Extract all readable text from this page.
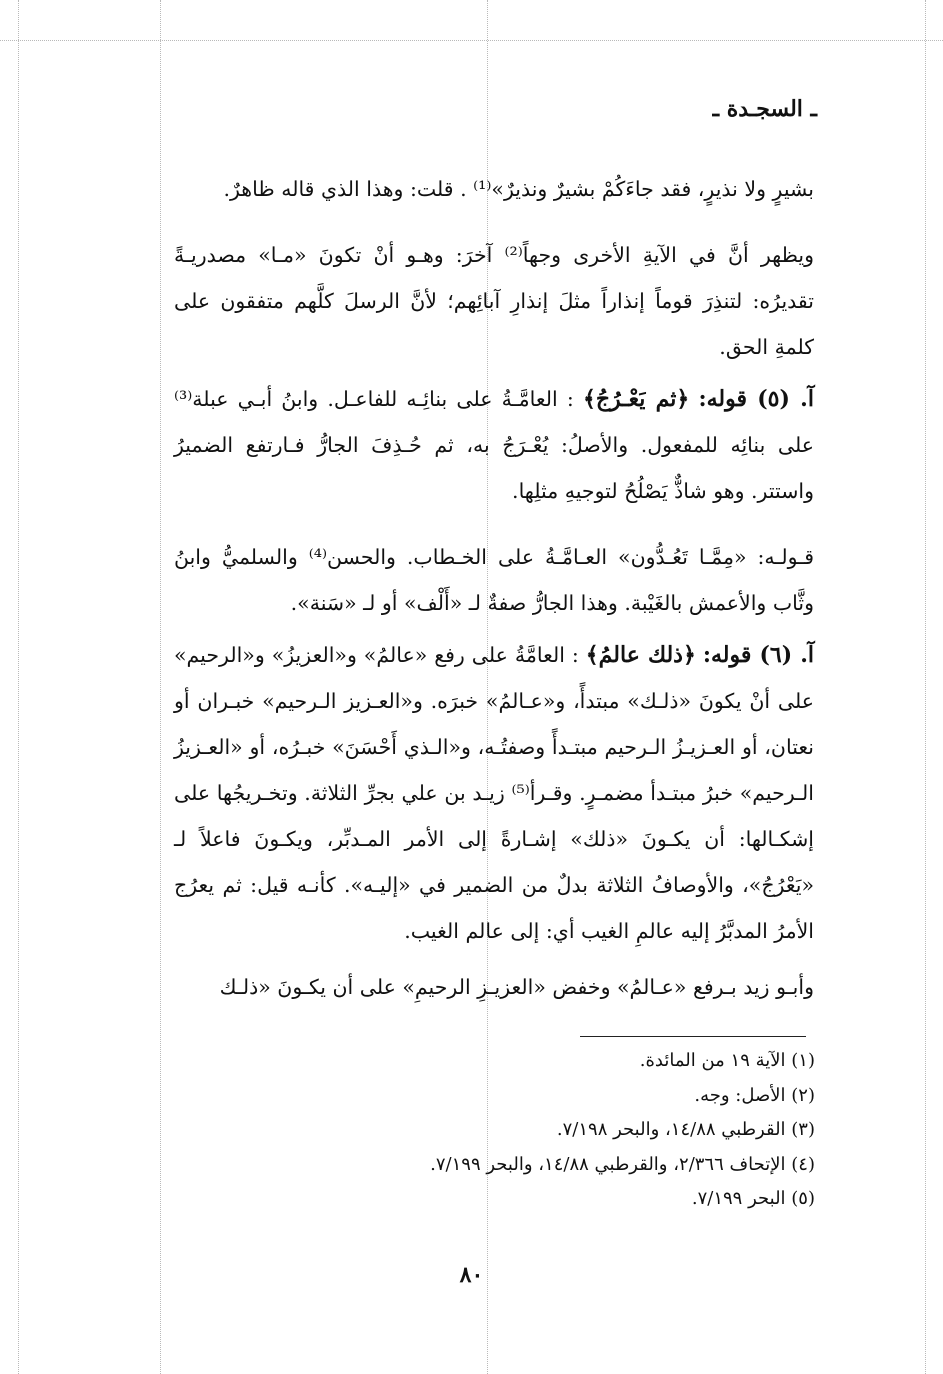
ـ السجـدة ـ

بشيرٍ ولا نذيرٍ، فقد جاءَكُمْ بشيرٌ ونذيرٌ»⁽¹⁾ . قلت: وهذا الذي قاله ظاهرٌ.

ويظهر أنَّ في الآيةِ الأخرى وجهاً⁽²⁾ آخرَ: وهـو أنْ تكونَ «مـا» مصدريـةً تقديرُه: لتنذِرَ قوماً إنذاراً مثلَ إنذارِ آبائِهم؛ لأنَّ الرسلَ كلَّهم متفقون على كلمةِ الحق.

آ. (٥) قوله: ﴿ثم يَعْـرُجُ﴾ : العامَّـةُ على بنائِـه للفاعـل. وابنُ أبـي عبلة⁽³⁾ على بنائِه للمفعول. والأصلُ: يُعْـرَجُ به، ثم حُـذِفَ الجارُّ فـارتفع الضميرُ واستتر. وهو شاذٌّ يَصْلُحُ لتوجيهِ مثلِها.

قـولـه: «مِمَّـا تَعُـدُّون» العـامَّـةُ على الخـطاب. والحسن⁽⁴⁾ والسلميُّ وابنُ وثَّاب والأعمش بالغَيْبة. وهذا الجارُّ صفةٌ لـ «أَلْف» أو لـ «سَنة».

آ. (٦) قوله: ﴿ذلك عالمُ﴾ : العامَّةُ على رفع «عالمُ» و«العزيزُ» و«الرحيم» على أنْ يكونَ «ذلـك» مبتدأً، و«عـالمُ» خبرَه. و«العـزيز الـرحيم» خبـران أو نعتان، أو العـزيـزُ الـرحيم مبتـدأً وصفتُـه، و«الـذي أَحْسَنَ» خبـرُه، أو «العـزيزُ الـرحيم» خبرُ مبتـدأ مضمـرٍ. وقـرأ⁽⁵⁾ زيـد بن علي بجرِّ الثلاثة. وتخـريجُها على إشكـالها: أن يكـونَ «ذلك» إشـارةً إلى الأمر المـدبِّر، ويكـونَ فاعلاً لـ «يَعْرُجُ»، والأوصافُ الثلاثة بدلٌ من الضمير في «إليـه». كأنـه قيل: ثم يعرُج الأمرُ المدبَّرُ إليه عالمِ الغيب أي: إلى عالم الغيب.

وأبـو زيد بـرفع «عـالمُ» وخفض «العزيـزِ الرحيمِ» على أن يكـونَ «ذلـك

(١) الآية ١٩ من المائدة.
(٢) الأصل: وجه.
(٣) القرطبي ١٤/٨٨، والبحر ٧/١٩٨.
(٤) الإتحاف ٢/٣٦٦، والقرطبي ١٤/٨٨، والبحر ٧/١٩٩.
(٥) البحر ٧/١٩٩.
٨٠
